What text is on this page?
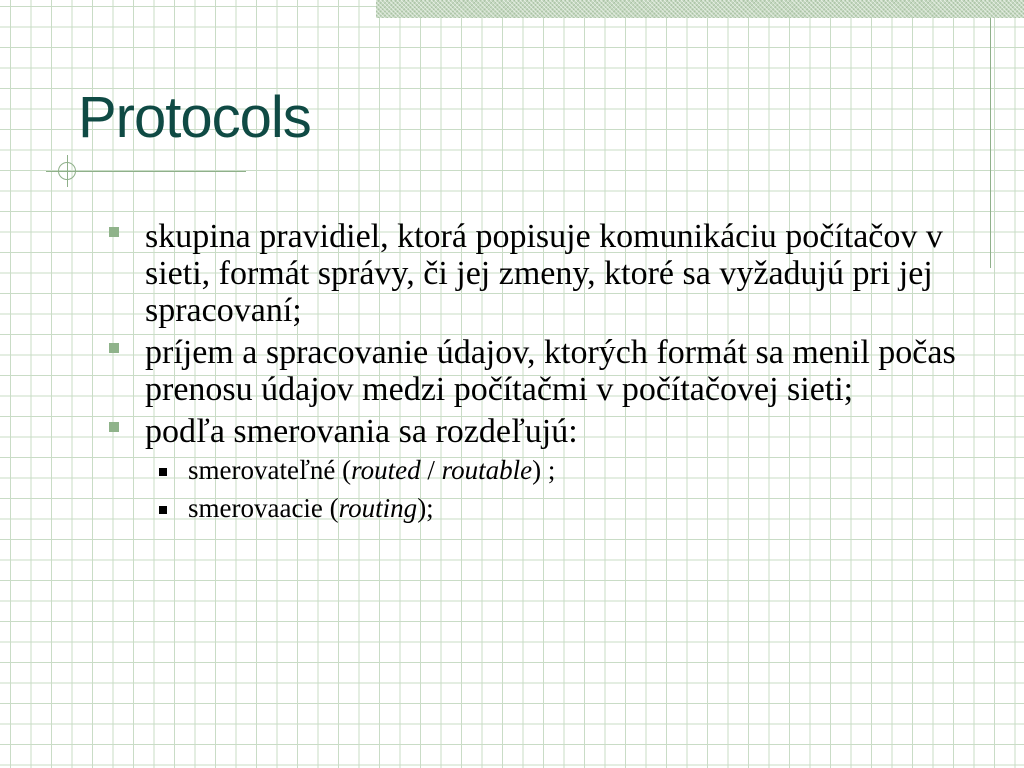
Protocols
skupina pravidiel, ktorá popisuje komunikáciu počítačov v sieti, formát správy, či jej zmeny, ktoré sa vyžadujú pri jej spracovaní;
príjem a spracovanie údajov, ktorých formát sa menil počas prenosu údajov medzi počítačmi v počítačovej sieti;
podľa smerovania sa rozdeľujú:
smerovateľné (routed / routable) ;
smerovaacie (routing);
